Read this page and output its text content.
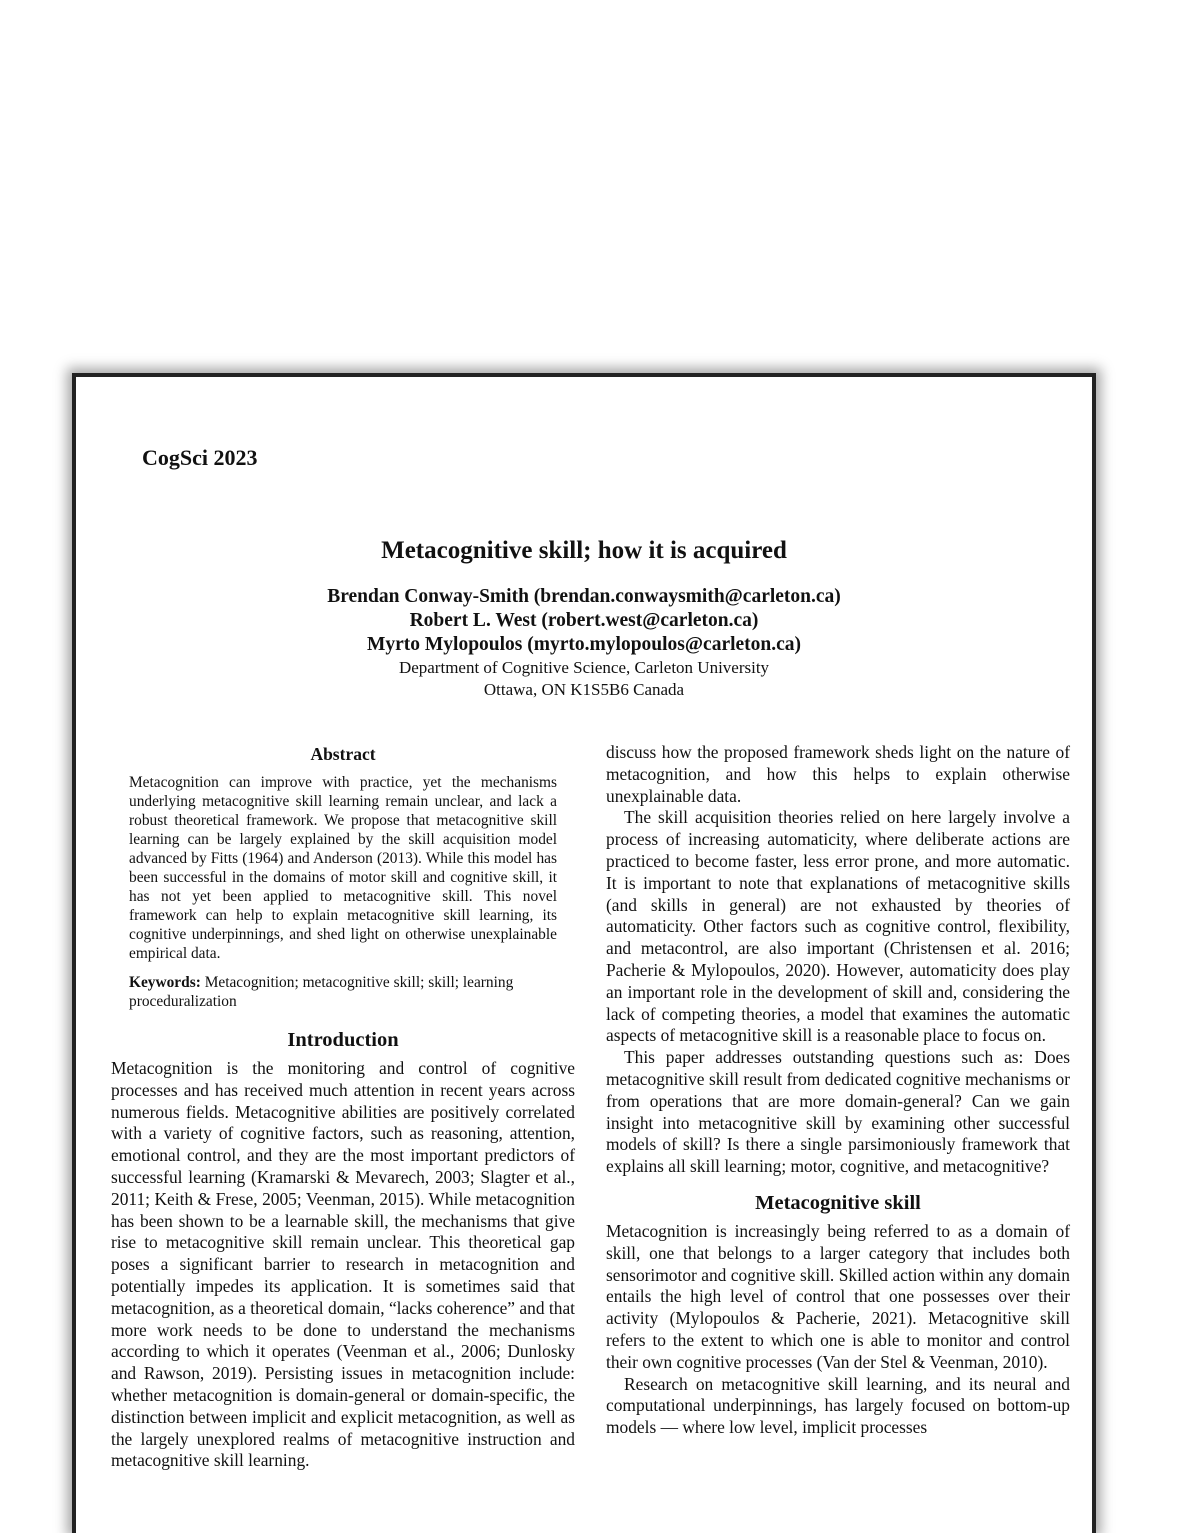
CogSci 2023
Metacognitive skill; how it is acquired
Brendan Conway-Smith (brendan.conwaysmith@carleton.ca)
Robert L. West (robert.west@carleton.ca)
Myrto Mylopoulos (myrto.mylopoulos@carleton.ca)
Department of Cognitive Science, Carleton University
Ottawa, ON K1S5B6 Canada
Abstract

Metacognition can improve with practice, yet the mechanisms underlying metacognitive skill learning remain unclear, and lack a robust theoretical framework. We propose that metacognitive skill learning can be largely explained by the skill acquisition model advanced by Fitts (1964) and Anderson (2013). While this model has been successful in the domains of motor skill and cognitive skill, it has not yet been applied to metacognitive skill. This novel framework can help to explain metacognitive skill learning, its cognitive underpinnings, and shed light on otherwise unexplainable empirical data.

Keywords: Metacognition; metacognitive skill; skill; learning proceduralization

Introduction

Metacognition is the monitoring and control of cognitive processes and has received much attention in recent years across numerous fields. Metacognitive abilities are positively correlated with a variety of cognitive factors, such as reasoning, attention, emotional control, and they are the most important predictors of successful learning (Kramarski & Mevarech, 2003; Slagter et al., 2011; Keith & Frese, 2005; Veenman, 2015). While metacognition has been shown to be a learnable skill, the mechanisms that give rise to metacognitive skill remain unclear. This theoretical gap poses a significant barrier to research in metacognition and potentially impedes its application. It is sometimes said that metacognition, as a theoretical domain, “lacks coherence” and that more work needs to be done to understand the mechanisms according to which it operates (Veenman et al., 2006; Dunlosky and Rawson, 2019). Persisting issues in metacognition include: whether metacognition is domain-general or domain-specific, the distinction between implicit and explicit metacognition, as well as the largely unexplored realms of metacognitive instruction and metacognitive skill learning.

discuss how the proposed framework sheds light on the nature of metacognition, and how this helps to explain otherwise unexplainable data.

The skill acquisition theories relied on here largely involve a process of increasing automaticity, where deliberate actions are practiced to become faster, less error prone, and more automatic. It is important to note that explanations of metacognitive skills (and skills in general) are not exhausted by theories of automaticity. Other factors such as cognitive control, flexibility, and metacontrol, are also important (Christensen et al. 2016; Pacherie & Mylopoulos, 2020). However, automaticity does play an important role in the development of skill and, considering the lack of competing theories, a model that examines the automatic aspects of metacognitive skill is a reasonable place to focus on.

This paper addresses outstanding questions such as: Does metacognitive skill result from dedicated cognitive mechanisms or from operations that are more domain-general? Can we gain insight into metacognitive skill by examining other successful models of skill? Is there a single parsimoniously framework that explains all skill learning; motor, cognitive, and metacognitive?

Metacognitive skill

Metacognition is increasingly being referred to as a domain of skill, one that belongs to a larger category that includes both sensorimotor and cognitive skill. Skilled action within any domain entails the high level of control that one possesses over their activity (Mylopoulos & Pacherie, 2021). Metacognitive skill refers to the extent to which one is able to monitor and control their own cognitive processes (Van der Stel & Veenman, 2010).

Research on metacognitive skill learning, and its neural and computational underpinnings, has largely focused on bottom-up models — where low level, implicit processes
